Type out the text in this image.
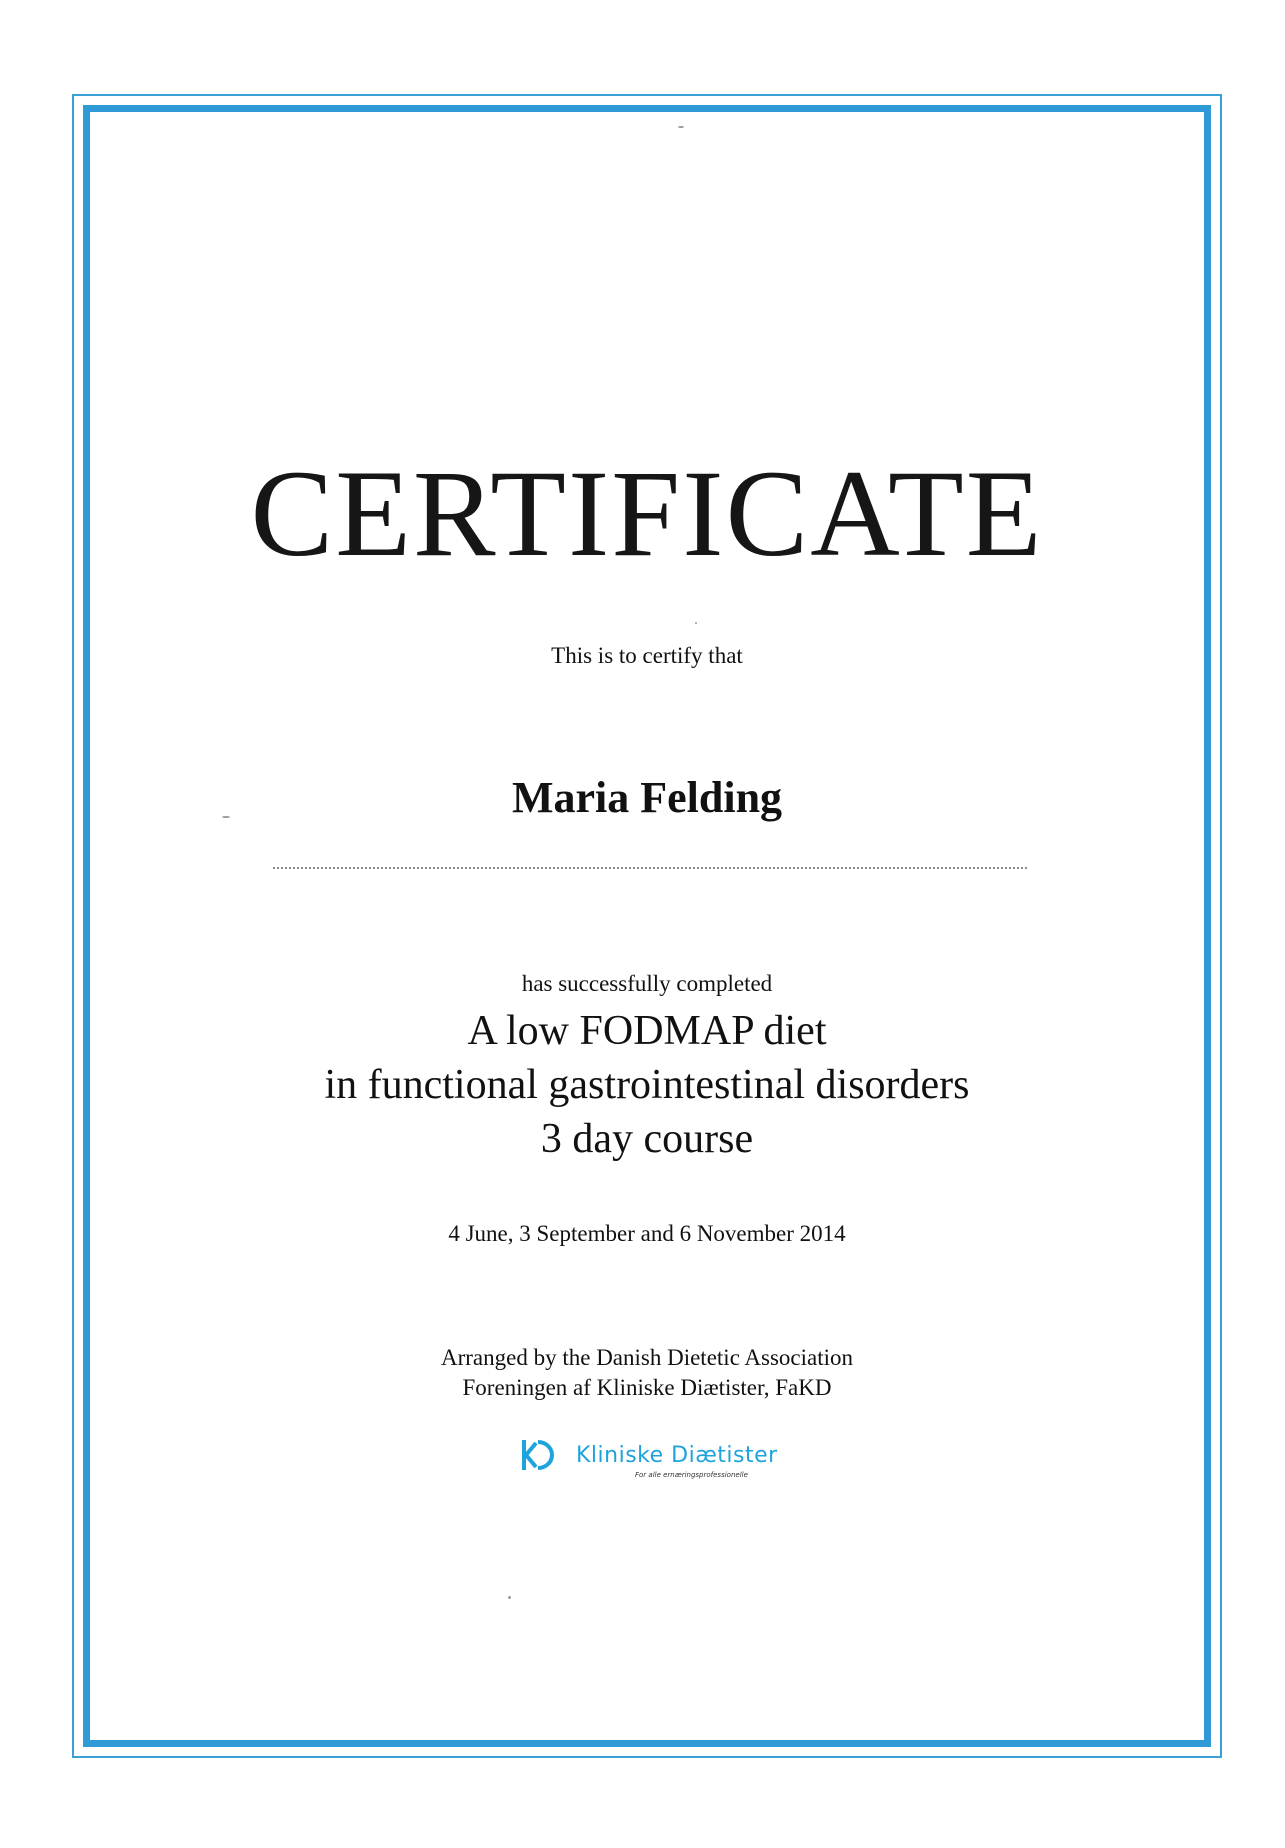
CERTIFICATE
This is to certify that
Maria Felding
has successfully completed
A low FODMAP diet
in functional gastrointestinal disorders
3 day course
4 June, 3 September and 6 November 2014
Arranged by the Danish Dietetic Association
Foreningen af Kliniske Diætister, FaKD
Kliniske Diætister
For alle ernæringsprofessionelle
